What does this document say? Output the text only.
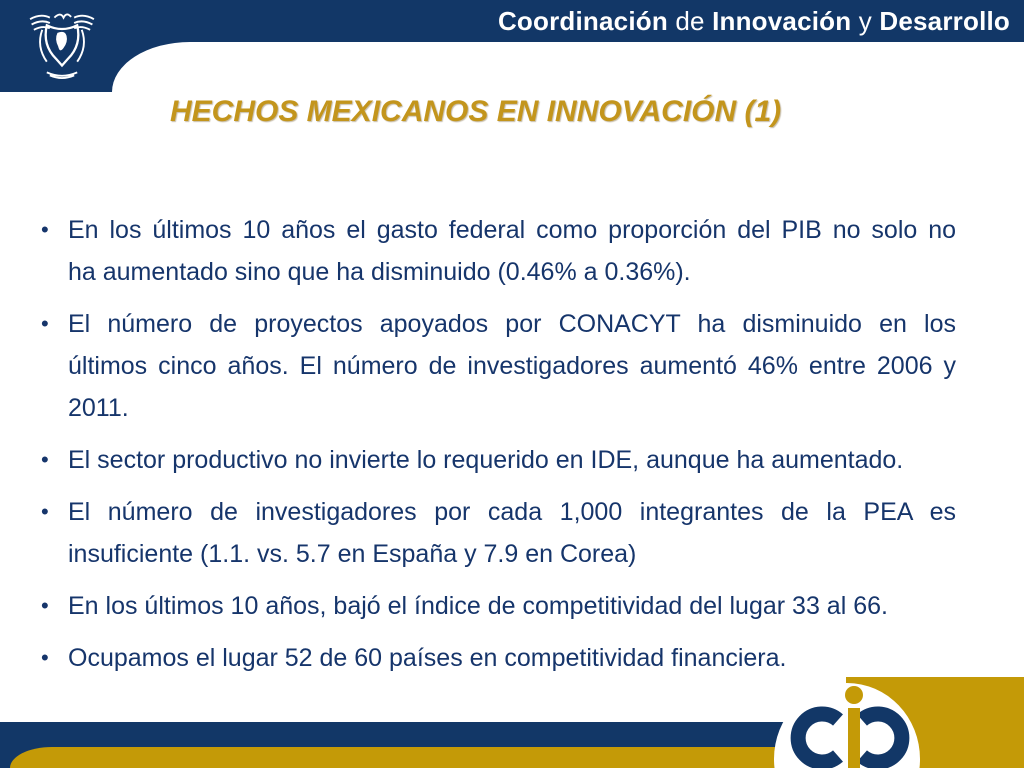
Coordinación de Innovación y Desarrollo
HECHOS MEXICANOS EN INNOVACIÓN (1)
• En los últimos 10 años el gasto federal como proporción del PIB no solo no
ha aumentado sino que ha disminuido (0.46% a 0.36%).
• El número de proyectos apoyados por CONACYT ha disminuido en los
últimos cinco años. El número de investigadores aumentó 46% entre 2006 y
2011.
• El sector productivo no invierte lo requerido en IDE, aunque ha aumentado.
• El número de investigadores por cada 1,000 integrantes de la PEA es
insuficiente (1.1. vs. 5.7 en España y 7.9 en Corea)
• En los últimos 10 años, bajó el índice de competitividad del lugar 33 al 66.
• Ocupamos el lugar 52 de 60 países en competitividad financiera.
